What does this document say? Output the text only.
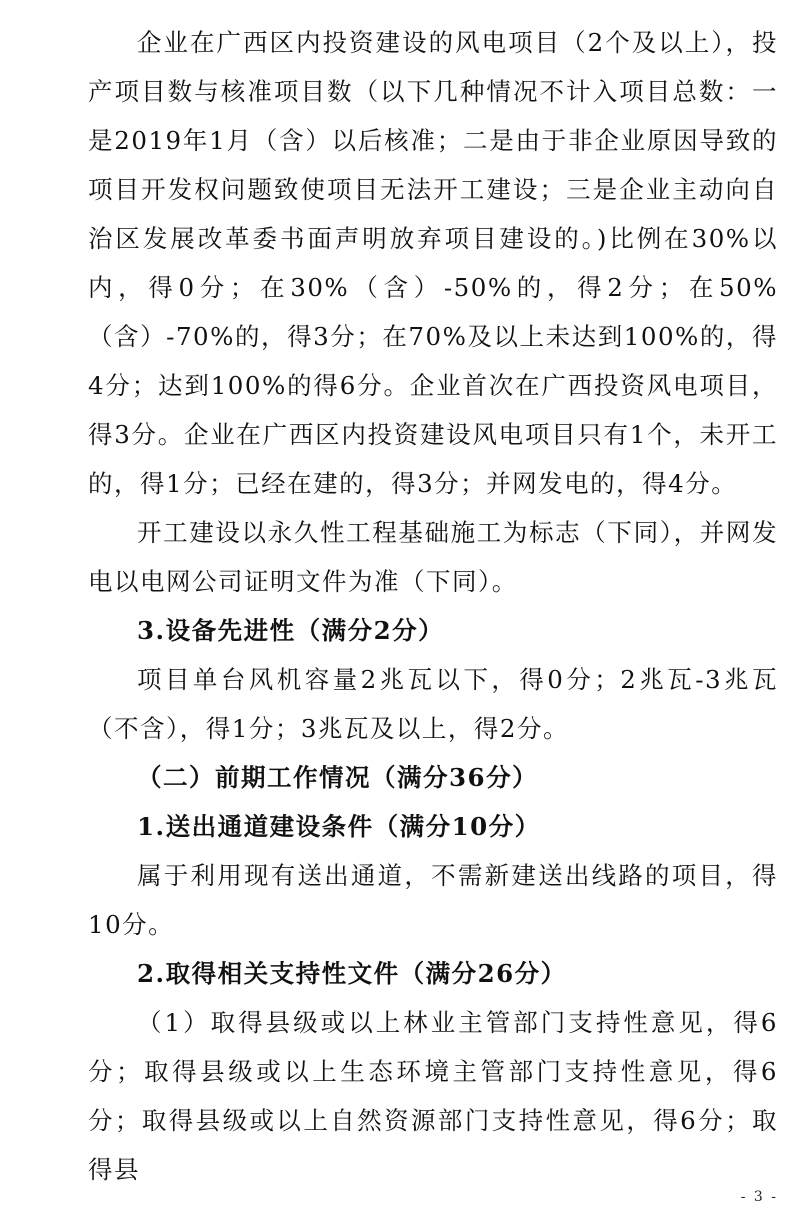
企业在广西区内投资建设的风电项目（2个及以上），投产项目数与核准项目数（以下几种情况不计入项目总数：一是2019年1月（含）以后核准；二是由于非企业原因导致的项目开发权问题致使项目无法开工建设；三是企业主动向自治区发展改革委书面声明放弃项目建设的。)比例在30%以内，得0分；在30%（含）-50%的，得2分；在50%（含）-70%的，得3分；在70%及以上未达到100%的，得4分；达到100%的得6分。企业首次在广西投资风电项目，得3分。企业在广西区内投资建设风电项目只有1个，未开工的，得1分；已经在建的，得3分；并网发电的，得4分。

开工建设以永久性工程基础施工为标志（下同），并网发电以电网公司证明文件为准（下同）。

3.设备先进性（满分2分）

项目单台风机容量2兆瓦以下，得0分；2兆瓦-3兆瓦（不含），得1分；3兆瓦及以上，得2分。

（二）前期工作情况（满分36分）

1.送出通道建设条件（满分10分）

属于利用现有送出通道，不需新建送出线路的项目，得10分。

2.取得相关支持性文件（满分26分）

（1）取得县级或以上林业主管部门支持性意见，得6分；取得县级或以上生态环境主管部门支持性意见，得6分；取得县级或以上自然资源部门支持性意见，得6分；取得县

- 3 -
